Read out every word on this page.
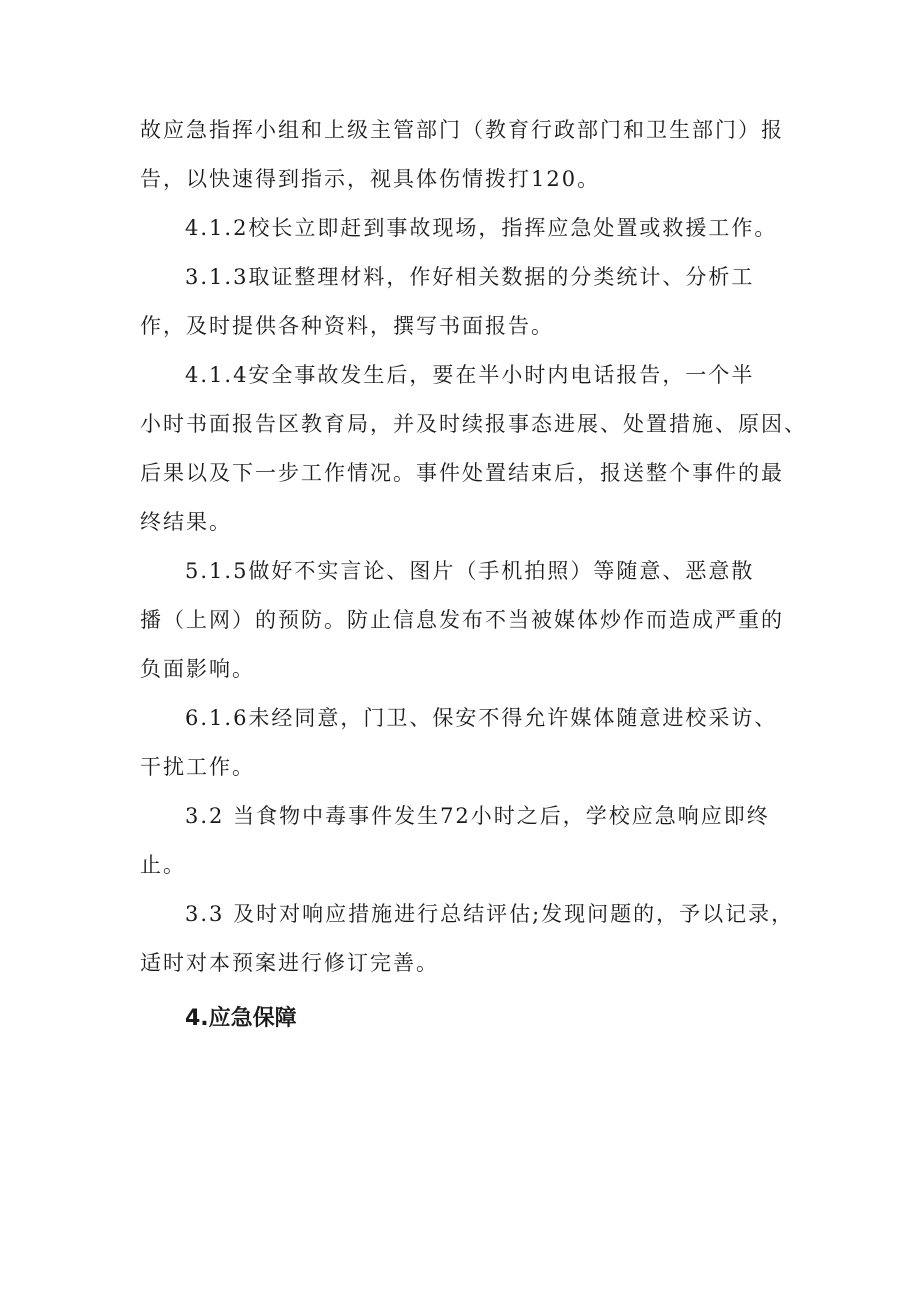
故应急指挥小组和上级主管部门（教育行政部门和卫生部门）报
告，以快速得到指示，视具体伤情拨打120。
4.1.2校长立即赶到事故现场，指挥应急处置或救援工作。
3.1.3取证整理材料，作好相关数据的分类统计、分析工
作，及时提供各种资料，撰写书面报告。
4.1.4安全事故发生后，要在半小时内电话报告，一个半
小时书面报告区教育局，并及时续报事态进展、处置措施、原因、
后果以及下一步工作情况。事件处置结束后，报送整个事件的最
终结果。
5.1.5做好不实言论、图片（手机拍照）等随意、恶意散
播（上网）的预防。防止信息发布不当被媒体炒作而造成严重的
负面影响。
6.1.6未经同意，门卫、保安不得允许媒体随意进校采访、
干扰工作。
3.2 当食物中毒事件发生72小时之后，学校应急响应即终
止。
3.3 及时对响应措施进行总结评估;发现问题的，予以记录，
适时对本预案进行修订完善。
4.应急保障
